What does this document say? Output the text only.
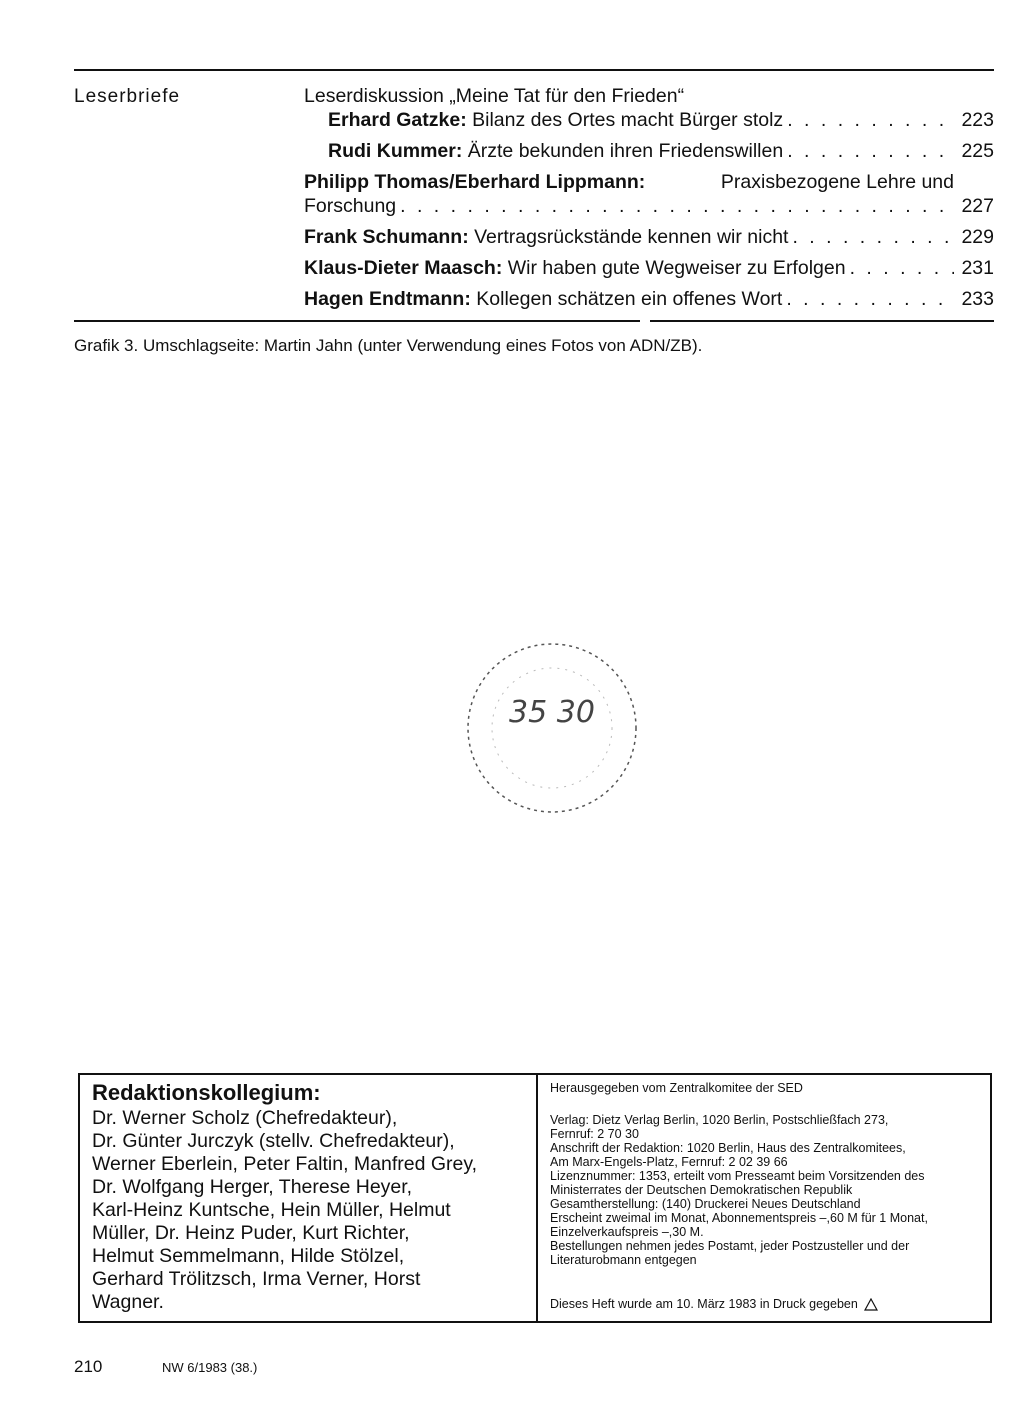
Leserbriefe	Leserdiskussion „Meine Tat für den Frieden“
Erhard Gatzke: Bilanz des Ortes macht Bürger stolz . . .	223
Rudi Kummer: Ärzte bekunden ihren Friedenswillen . . .	225
Philipp Thomas/Eberhard Lippmann:	Praxisbezogene Lehre und
Forschung . . .	227
Frank Schumann: Vertragsrückstände kennen wir nicht . . .	229
Klaus-Dieter Maasch: Wir haben gute Wegweiser zu Erfolgen . . .	231
Hagen Endtmann: Kollegen schätzen ein offenes Wort . . .	233
Grafik 3. Umschlagseite: Martin Jahn (unter Verwendung eines Fotos von ADN/ZB).
35 30
Redaktionskollegium:
Dr. Werner Scholz (Chefredakteur),
Dr. Günter Jurczyk (stellv. Chefredakteur),
Werner Eberlein, Peter Faltin, Manfred Grey,
Dr. Wolfgang Herger, Therese Heyer,
Karl-Heinz Kuntsche, Hein Müller, Helmut
Müller, Dr. Heinz Puder, Kurt Richter,
Helmut Semmelmann, Hilde Stölzel,
Gerhard Trölitzsch, Irma Verner, Horst
Wagner.

Herausgegeben vom Zentralkomitee der SED

Verlag: Dietz Verlag Berlin, 1020 Berlin, Postschließfach 273,

Fernruf: 2 70 30

Anschrift der Redaktion: 1020 Berlin, Haus des Zentralkomitees,

Am Marx-Engels-Platz, Fernruf: 2 02 39 66

Lizenznummer: 1353, erteilt vom Presseamt beim Vorsitzenden des

Ministerrates der Deutschen Demokratischen Republik

Gesamtherstellung: (140) Druckerei Neues Deutschland

Erscheint zweimal im Monat, Abonnementspreis –,60 M für 1 Monat,

Einzelverkaufspreis –,30 M.

Bestellungen nehmen jedes Postamt, jeder Postzusteller und der

Literaturobmann entgegen

Dieses Heft wurde am 10. März 1983 in Druck gegeben
210	NW 6/1983 (38.)
